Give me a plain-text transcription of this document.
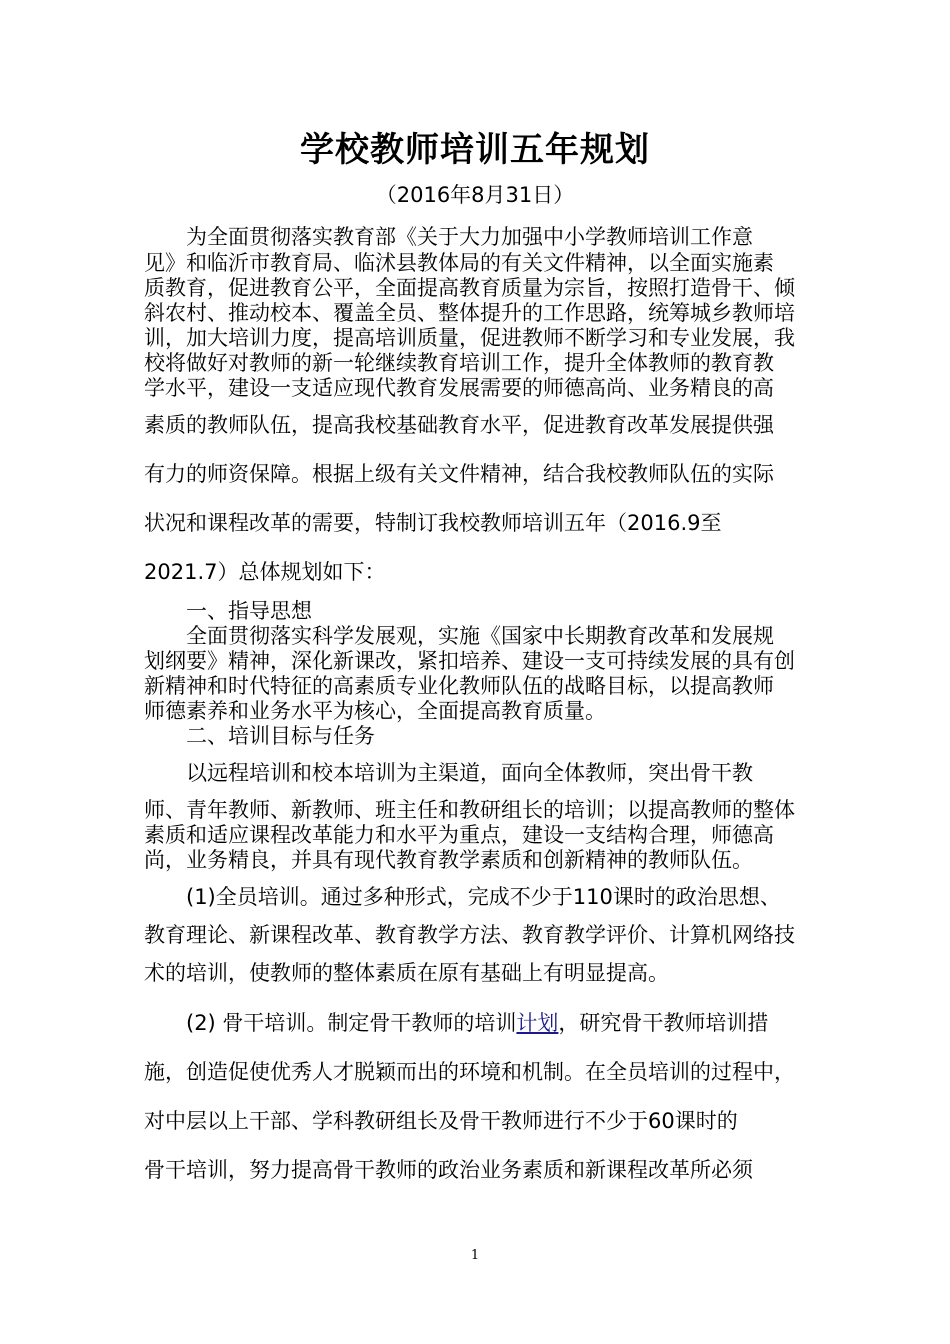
学校教师培训五年规划
（2016年8月31日）
　　为全面贯彻落实教育部《关于大力加强中小学教师培训工作意
见》和临沂市教育局、临沭县教体局的有关文件精神，以全面实施素
质教育，促进教育公平，全面提高教育质量为宗旨，按照打造骨干、倾
斜农村、推动校本、覆盖全员、整体提升的工作思路，统筹城乡教师培
训，加大培训力度，提高培训质量，促进教师不断学习和专业发展，我
校将做好对教师的新一轮继续教育培训工作，提升全体教师的教育教
学水平，建设一支适应现代教育发展需要的师德高尚、业务精良的高
素质的教师队伍，提高我校基础教育水平，促进教育改革发展提供强
有力的师资保障。根据上级有关文件精神，结合我校教师队伍的实际
状况和课程改革的需要，特制订我校教师培训五年（2016.9至
2021.7）总体规划如下：
　　一、指导思想
　　全面贯彻落实科学发展观，实施《国家中长期教育改革和发展规
划纲要》精神，深化新课改，紧扣培养、建设一支可持续发展的具有创
新精神和时代特征的高素质专业化教师队伍的战略目标，以提高教师
师德素养和业务水平为核心，全面提高教育质量。
　　二、培训目标与任务
　　以远程培训和校本培训为主渠道，面向全体教师，突出骨干教
师、青年教师、新教师、班主任和教研组长的培训；以提高教师的整体
素质和适应课程改革能力和水平为重点，建设一支结构合理，师德高
尚，业务精良，并具有现代教育教学素质和创新精神的教师队伍。
　　(1)全员培训。通过多种形式，完成不少于110课时的政治思想、
教育理论、新课程改革、教育教学方法、教育教学评价、计算机网络技
术的培训，使教师的整体素质在原有基础上有明显提高。
　　(2) 骨干培训。制定骨干教师的培训计划，研究骨干教师培训措
施，创造促使优秀人才脱颖而出的环境和机制。在全员培训的过程中，
对中层以上干部、学科教研组长及骨干教师进行不少于60课时的
骨干培训，努力提高骨干教师的政治业务素质和新课程改革所必须
1
